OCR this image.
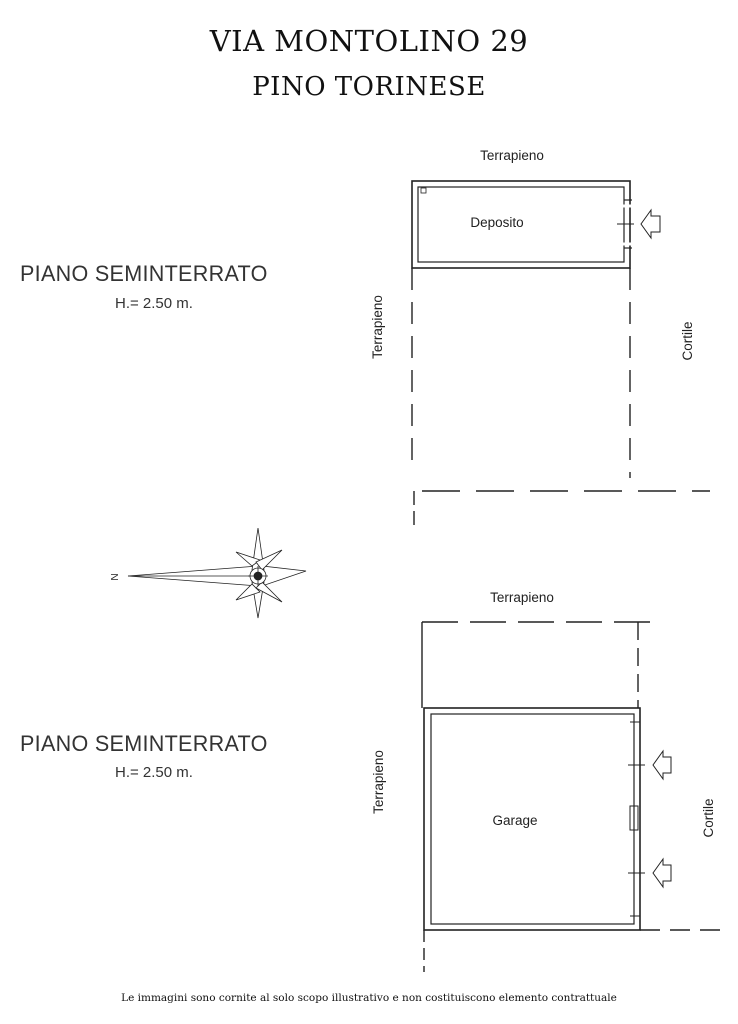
VIA MONTOLINO 29
PINO TORINESE
PIANO SEMINTERRATO
H.= 2.50 m.
PIANO SEMINTERRATO
H.= 2.50 m.
Terrapieno
Deposito
Terrapieno	Cortile
Terrapieno
Garage
Terrapieno
Cortile
N
Le immagini sono cornite al solo scopo illustrativo e non costituiscono elemento contrattuale
